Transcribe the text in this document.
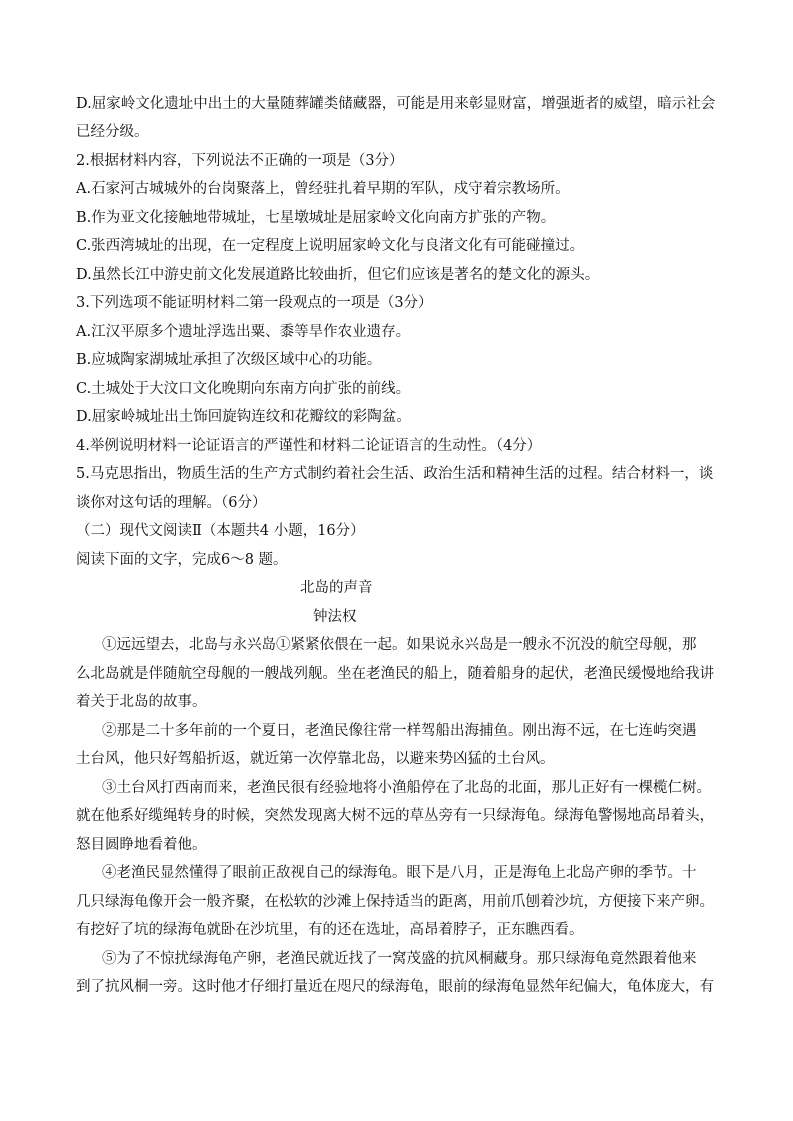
D.屈家岭文化遗址中出土的大量随葬罐类储藏器，可能是用来彰显财富，增强逝者的威望，暗示社会
已经分级。
2.根据材料内容，下列说法不正确的一项是（3分）
A.石家河古城城外的台岗聚落上，曾经驻扎着早期的军队，戍守着宗教场所。
B.作为亚文化接触地带城址，七星墩城址是屈家岭文化向南方扩张的产物。
C.张西湾城址的出现，在一定程度上说明屈家岭文化与良渚文化有可能碰撞过。
D.虽然长江中游史前文化发展道路比较曲折，但它们应该是著名的楚文化的源头。
3.下列选项不能证明材料二第一段观点的一项是（3分）
A.江汉平原多个遗址浮选出粟、黍等旱作农业遗存。
B.应城陶家湖城址承担了次级区域中心的功能。
C.土城处于大汶口文化晚期向东南方向扩张的前线。
D.屈家岭城址出土饰回旋钩连纹和花瓣纹的彩陶盆。
4.举例说明材料一论证语言的严谨性和材料二论证语言的生动性。（4分）
5.马克思指出，物质生活的生产方式制约着社会生活、政治生活和精神生活的过程。结合材料一，谈
谈你对这句话的理解。（6分）
（二）现代文阅读Ⅱ（本题共4 小题，16分）
阅读下面的文字，完成6～8 题。
北岛的声音
钟法权
①远远望去，北岛与永兴岛①紧紧依偎在一起。如果说永兴岛是一艘永不沉没的航空母舰，那
么北岛就是伴随航空母舰的一艘战列舰。坐在老渔民的船上，随着船身的起伏，老渔民缓慢地给我讲
着关于北岛的故事。
②那是二十多年前的一个夏日，老渔民像往常一样驾船出海捕鱼。刚出海不远，在七连屿突遇
土台风，他只好驾船折返，就近第一次停靠北岛，以避来势凶猛的土台风。
③土台风打西南而来，老渔民很有经验地将小渔船停在了北岛的北面，那儿正好有一棵榄仁树。
就在他系好缆绳转身的时候，突然发现离大树不远的草丛旁有一只绿海龟。绿海龟警惕地高昂着头，
怒目圆睁地看着他。
④老渔民显然懂得了眼前正敌视自己的绿海龟。眼下是八月，正是海龟上北岛产卵的季节。十
几只绿海龟像开会一般齐聚，在松软的沙滩上保持适当的距离，用前爪刨着沙坑，方便接下来产卵。
有挖好了坑的绿海龟就卧在沙坑里，有的还在选址，高昂着脖子，正东瞧西看。
⑤为了不惊扰绿海龟产卵，老渔民就近找了一窝茂盛的抗风桐藏身。那只绿海龟竟然跟着他来
到了抗风桐一旁。这时他才仔细打量近在咫尺的绿海龟，眼前的绿海龟显然年纪偏大，龟体庞大，有
